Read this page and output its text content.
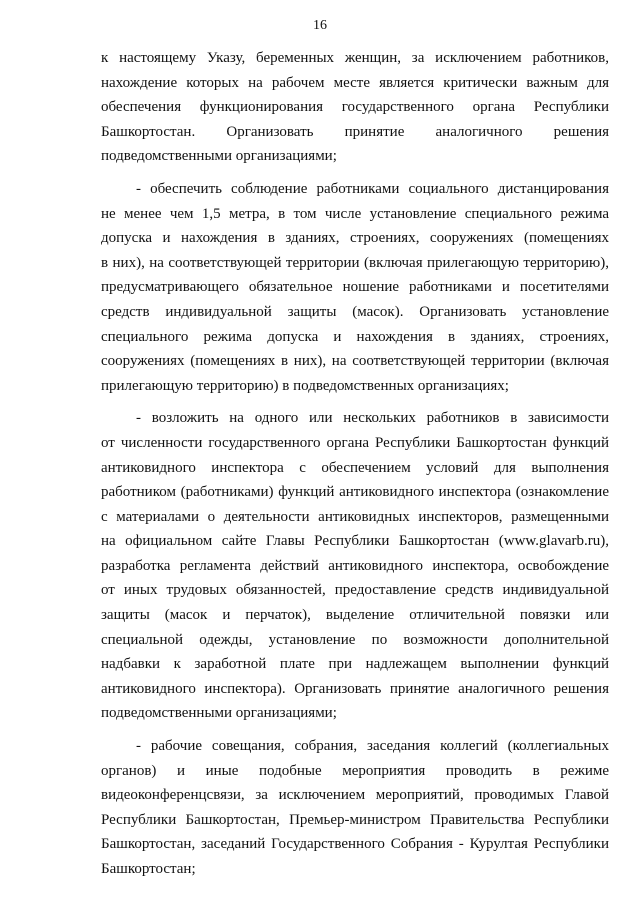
16
к настоящему Указу, беременных женщин, за исключением работников,
нахождение которых на рабочем месте является критически важным для
обеспечения функционирования государственного органа Республики
Башкортостан. Организовать принятие аналогичного решения
подведомственными организациями;
- обеспечить соблюдение работниками социального дистанцирования
не менее чем 1,5 метра, в том числе установление специального режима
допуска и нахождения в зданиях, строениях, сооружениях (помещениях
в них), на соответствующей территории (включая прилегающую территорию),
предусматривающего обязательное ношение работниками и посетителями
средств индивидуальной защиты (масок). Организовать установление
специального режима допуска и нахождения в зданиях, строениях,
сооружениях (помещениях в них), на соответствующей территории (включая
прилегающую территорию) в подведомственных организациях;
- возложить на одного или нескольких работников в зависимости
от численности государственного органа Республики Башкортостан функций
антиковидного инспектора с обеспечением условий для выполнения
работником (работниками) функций антиковидного инспектора (ознакомление
с материалами о деятельности антиковидных инспекторов, размещенными
на официальном сайте Главы Республики Башкортостан (www.glavarb.ru),
разработка регламента действий антиковидного инспектора, освобождение
от иных трудовых обязанностей, предоставление средств индивидуальной
защиты (масок и перчаток), выделение отличительной повязки или
специальной одежды, установление по возможности дополнительной
надбавки к заработной плате при надлежащем выполнении функций
антиковидного инспектора). Организовать принятие аналогичного решения
подведомственными организациями;
- рабочие совещания, собрания, заседания коллегий (коллегиальных
органов) и иные подобные мероприятия проводить в режиме
видеоконференцсвязи, за исключением мероприятий, проводимых Главой
Республики Башкортостан, Премьер-министром Правительства Республики
Башкортостан, заседаний Государственного Собрания - Курултая Республики
Башкортостан;
